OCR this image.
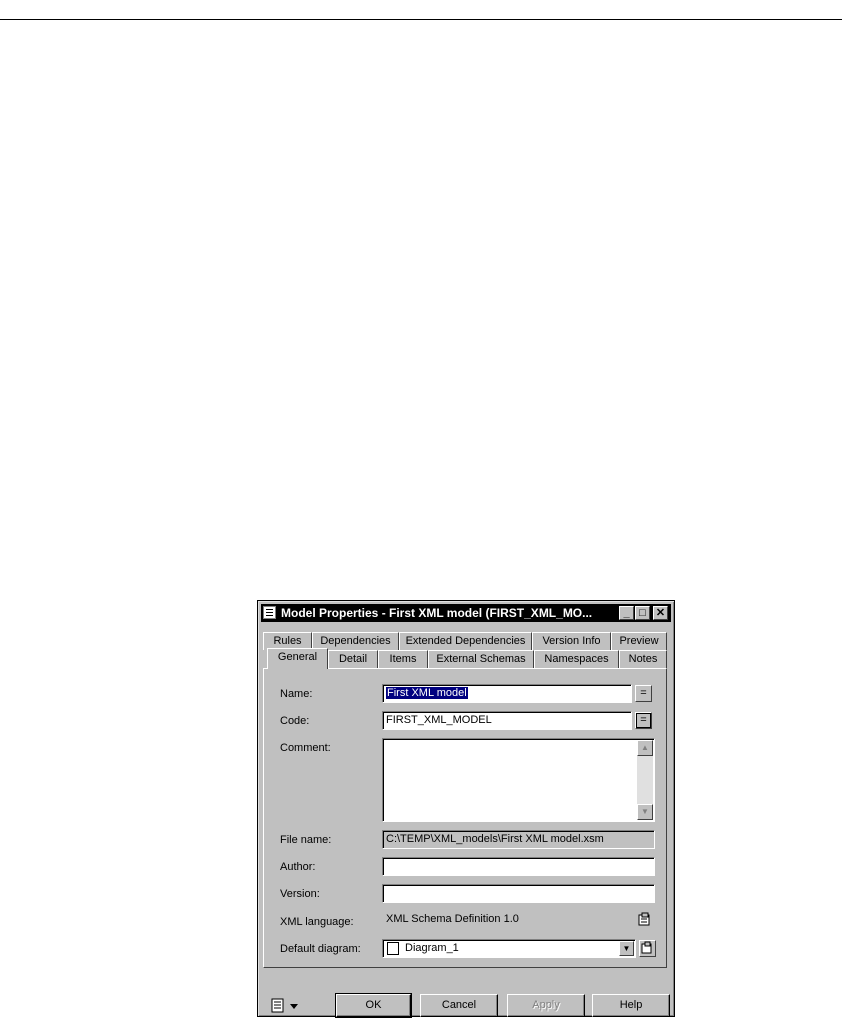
Model Properties - First XML model (FIRST_XML_MO...	_ □ ✕
Rules	Dependencies	Extended Dependencies	Version Info	Preview
General	Detail	Items	External Schemas	Namespaces	Notes
Name:	First XML model	=
Code:	FIRST_XML_MODEL	=
Comment:	▲
▼
File name:	C:\TEMP\XML_models\First XML model.xsm
Author:
Version:
XML language:	XML Schema Definition 1.0
Default diagram:	Diagram_1	▼
OK	Cancel	Apply	Help
